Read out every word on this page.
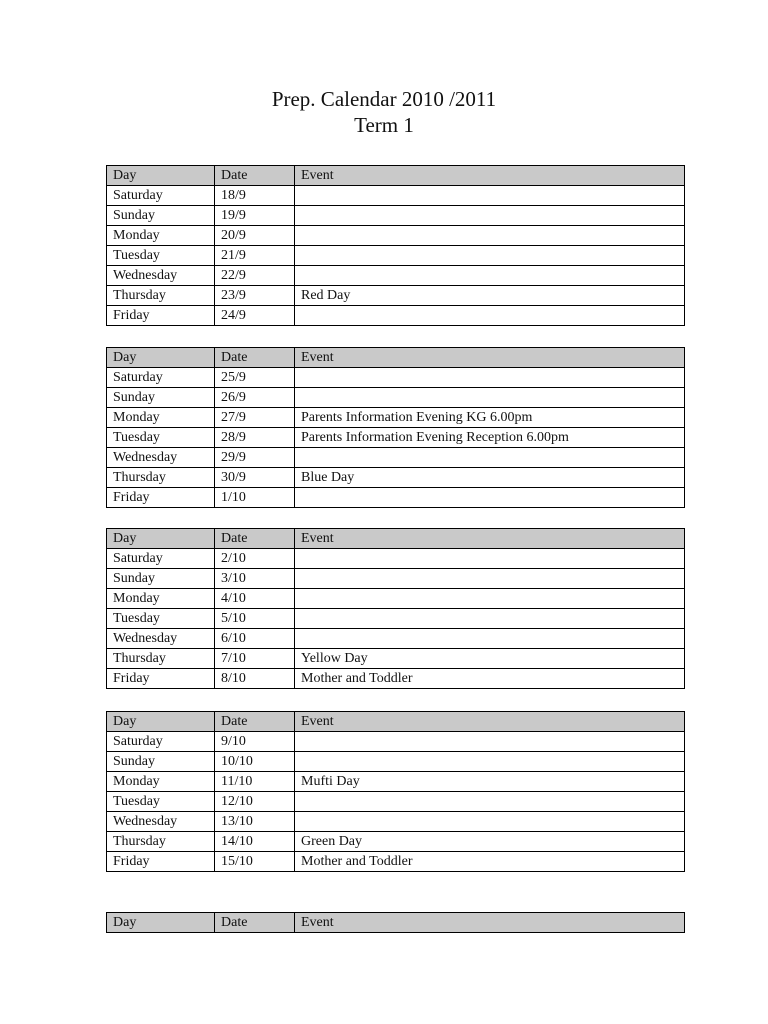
Prep. Calendar 2010 /2011
Term 1
Day	Date	Event
Saturday	18/9	
Sunday	19/9	
Monday	20/9	
Tuesday	21/9	
Wednesday	22/9	
Thursday	23/9	Red Day
Friday	24/9	
Day	Date	Event
Saturday	25/9	
Sunday	26/9	
Monday	27/9	Parents Information Evening KG 6.00pm
Tuesday	28/9	Parents Information Evening Reception 6.00pm
Wednesday	29/9	
Thursday	30/9	Blue Day
Friday	1/10	
Day	Date	Event
Saturday	2/10	
Sunday	3/10	
Monday	4/10	
Tuesday	5/10	
Wednesday	6/10	
Thursday	7/10	Yellow Day
Friday	8/10	Mother and Toddler
Day	Date	Event
Saturday	9/10	
Sunday	10/10	
Monday	11/10	Mufti Day
Tuesday	12/10	
Wednesday	13/10	
Thursday	14/10	Green Day
Friday	15/10	Mother and Toddler
Day	Date	Event
